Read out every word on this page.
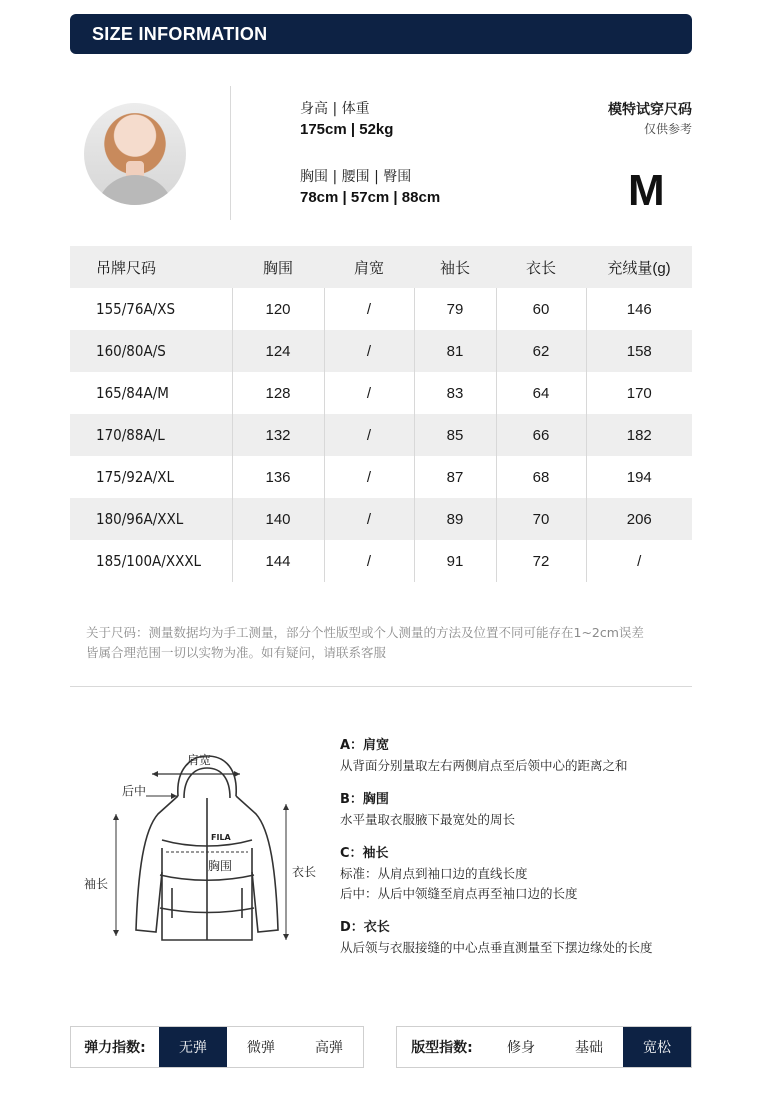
SIZE INFORMATION
身高 | 体重
175cm | 52kg
胸围 | 腰围 | 臀围
78cm | 57cm | 88cm
模特试穿尺码
仅供参考
M
吊牌尺码	胸围	肩宽	袖长	衣长	充绒量(g)
155/76A/XS	120	/	79	60	146
160/80A/S	124	/	81	62	158
165/84A/M	128	/	83	64	170
170/88A/L	132	/	85	66	182
175/92A/XL	136	/	87	68	194
180/96A/XXL	140	/	89	70	206
185/100A/XXXL	144	/	91	72	/
关于尺码：测量数据均为手工测量，部分个性版型或个人测量的方法及位置不同可能存在1~2cm误差
皆属合理范围一切以实物为准。如有疑问，请联系客服
肩宽
后中
FILA
胸围
袖长
衣长
A：肩宽
从背面分别量取左右两侧肩点至后领中心的距离之和
B：胸围
水平量取衣服腋下最宽处的周长
C：袖长
标准：从肩点到袖口边的直线长度
后中：从后中领缝至肩点再至袖口边的长度
D：衣长
从后领与衣服接缝的中心点垂直测量至下摆边缘处的长度
弹力指数:	无弹	微弹	高弹	版型指数:	修身	基础	宽松
